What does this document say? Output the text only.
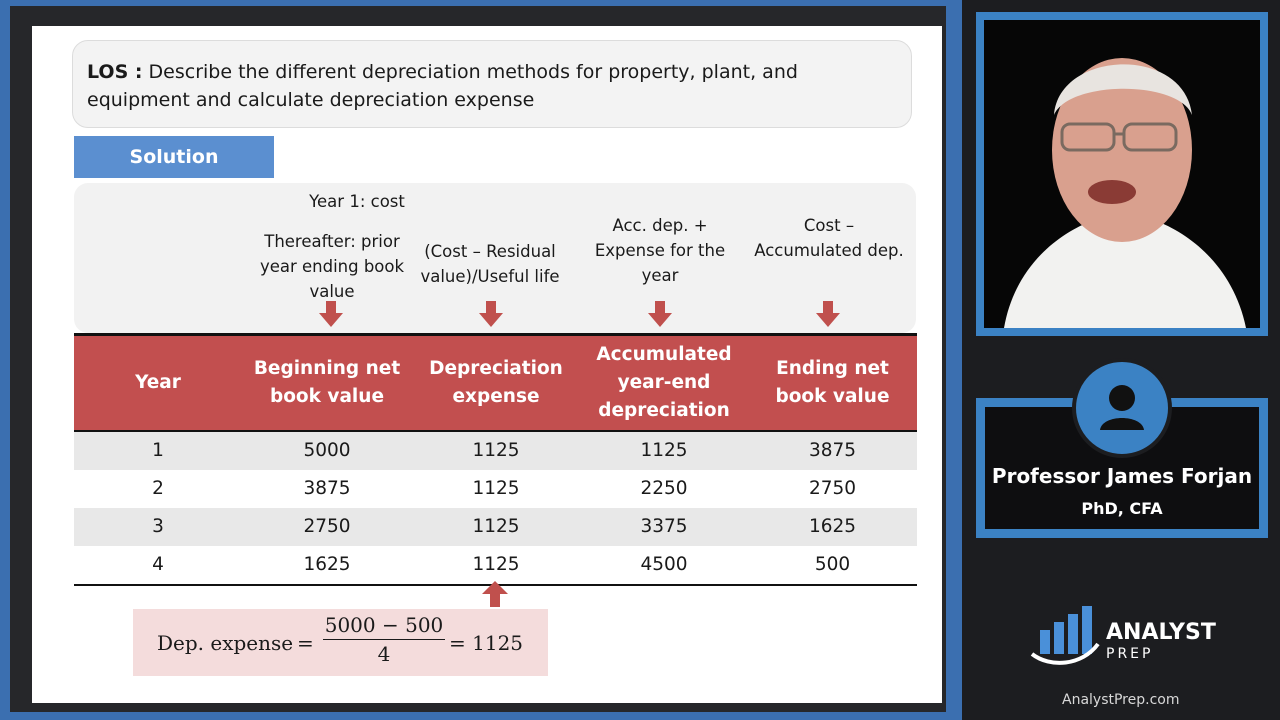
LOS : Describe the different depreciation methods for property, plant, and equipment and calculate depreciation expense
Solution
Year 1: cost
Thereafter: prior year ending book value
(Cost – Residual value)/Useful life
Acc. dep. + Expense for the year
Cost – Accumulated dep.
Year	Beginning net book value	Depreciation expense	Accumulated year-end depreciation	Ending net book value
1	5000	1125	1125	3875
2	3875	1125	2250	2750
3	2750	1125	3375	1625
4	1625	1125	4500	500
Dep. expense = $\frac{5000 - 500}{4} = 1125$
Professor James Forjan
PhD, CFA
ANALYST
PREP
AnalystPrep.com
